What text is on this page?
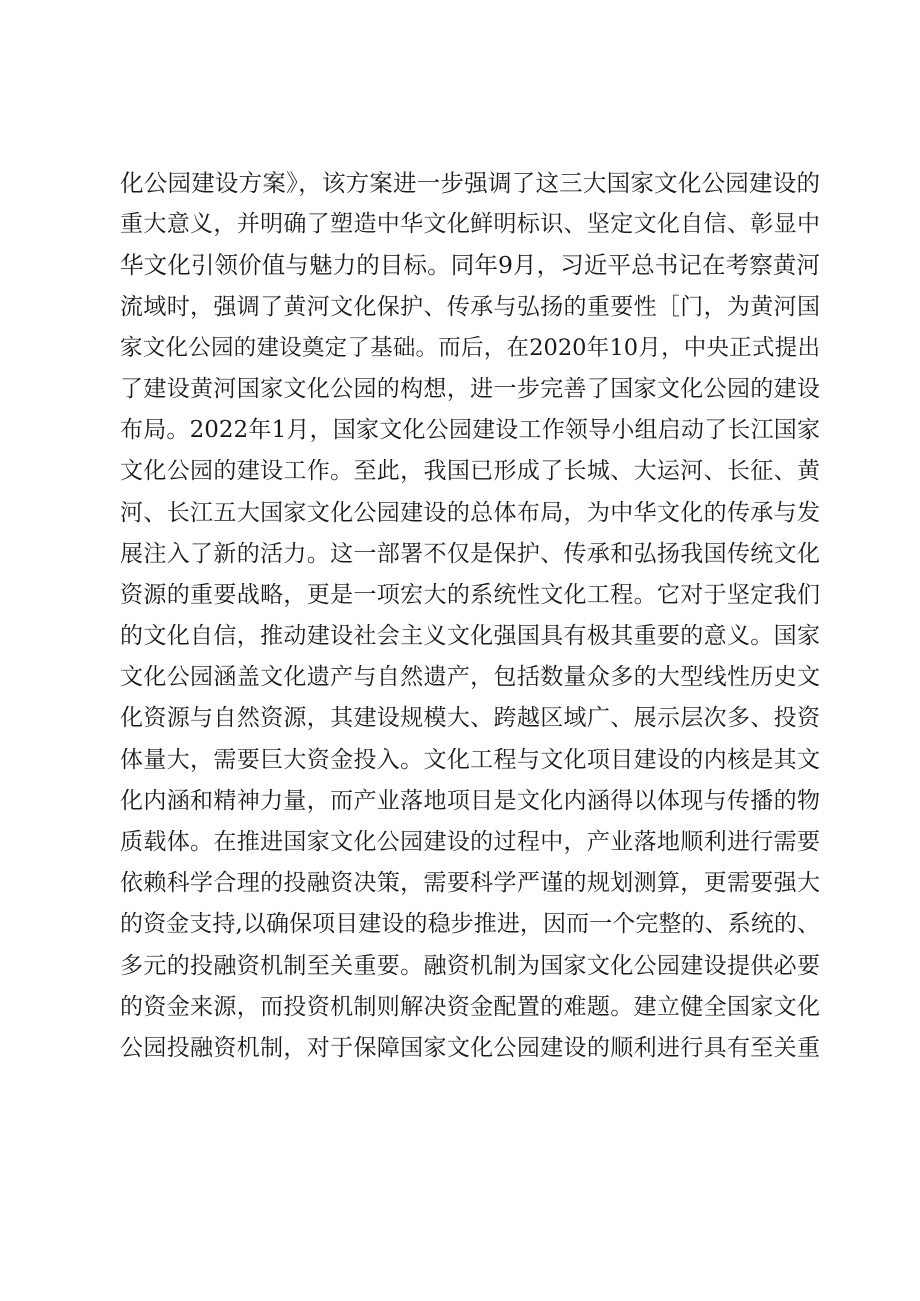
化公园建设方案》，该方案进一步强调了这三大国家文化公园建设的
重大意义，并明确了塑造中华文化鲜明标识、坚定文化自信、彰显中
华文化引领价值与魅力的目标。同年9月，习近平总书记在考察黄河
流域时，强调了黄河文化保护、传承与弘扬的重要性［门，为黄河国
家文化公园的建设奠定了基础。而后，在2020年10月，中央正式提出
了建设黄河国家文化公园的构想，进一步完善了国家文化公园的建设
布局。2022年1月，国家文化公园建设工作领导小组启动了长江国家
文化公园的建设工作。至此，我国已形成了长城、大运河、长征、黄
河、长江五大国家文化公园建设的总体布局，为中华文化的传承与发
展注入了新的活力。这一部署不仅是保护、传承和弘扬我国传统文化
资源的重要战略，更是一项宏大的系统性文化工程。它对于坚定我们
的文化自信，推动建设社会主义文化强国具有极其重要的意义。国家
文化公园涵盖文化遗产与自然遗产，包括数量众多的大型线性历史文
化资源与自然资源，其建设规模大、跨越区域广、展示层次多、投资
体量大，需要巨大资金投入。文化工程与文化项目建设的内核是其文
化内涵和精神力量，而产业落地项目是文化内涵得以体现与传播的物
质载体。在推进国家文化公园建设的过程中，产业落地顺利进行需要
依赖科学合理的投融资决策，需要科学严谨的规划测算，更需要强大
的资金支持,以确保项目建设的稳步推进，因而一个完整的、系统的、
多元的投融资机制至关重要。融资机制为国家文化公园建设提供必要
的资金来源，而投资机制则解决资金配置的难题。建立健全国家文化
公园投融资机制，对于保障国家文化公园建设的顺利进行具有至关重
